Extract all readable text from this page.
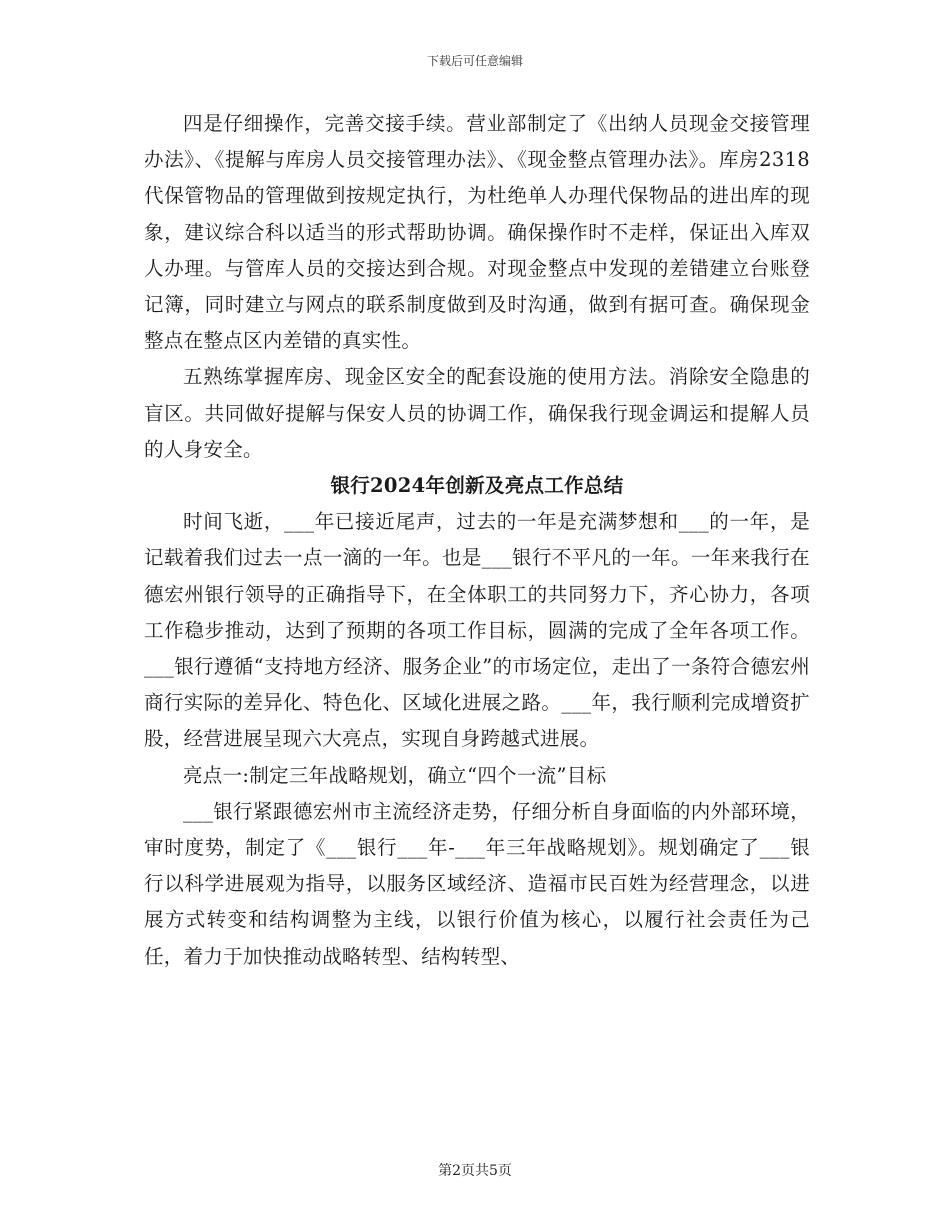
下载后可任意编辑

四是仔细操作，完善交接手续。营业部制定了《出纳人员现金交接管理办法》、《提解与库房人员交接管理办法》、《现金整点管理办法》。库房2318代保管物品的管理做到按规定执行，为杜绝单人办理代保物品的进出库的现象，建议综合科以适当的形式帮助协调。确保操作时不走样，保证出入库双人办理。与管库人员的交接达到合规。对现金整点中发现的差错建立台账登记簿，同时建立与网点的联系制度做到及时沟通，做到有据可查。确保现金整点在整点区内差错的真实性。

五熟练掌握库房、现金区安全的配套设施的使用方法。消除安全隐患的盲区。共同做好提解与保安人员的协调工作，确保我行现金调运和提解人员的人身安全。

银行2024年创新及亮点工作总结

时间飞逝，___年已接近尾声，过去的一年是充满梦想和___的一年，是记载着我们过去一点一滴的一年。也是___银行不平凡的一年。一年来我行在德宏州银行领导的正确指导下，在全体职工的共同努力下，齐心协力，各项工作稳步推动，达到了预期的各项工作目标，圆满的完成了全年各项工作。___银行遵循“支持地方经济、服务企业”的市场定位，走出了一条符合德宏州商行实际的差异化、特色化、区域化进展之路。___年，我行顺利完成增资扩股，经营进展呈现六大亮点，实现自身跨越式进展。

亮点一:制定三年战略规划，确立“四个一流”目标

___银行紧跟德宏州市主流经济走势，仔细分析自身面临的内外部环境，审时度势，制定了《___银行___年-___年三年战略规划》。规划确定了___银行以科学进展观为指导，以服务区域经济、造福市民百姓为经营理念，以进展方式转变和结构调整为主线，以银行价值为核心，以履行社会责任为己任，着力于加快推动战略转型、结构转型、

第2页共5页
